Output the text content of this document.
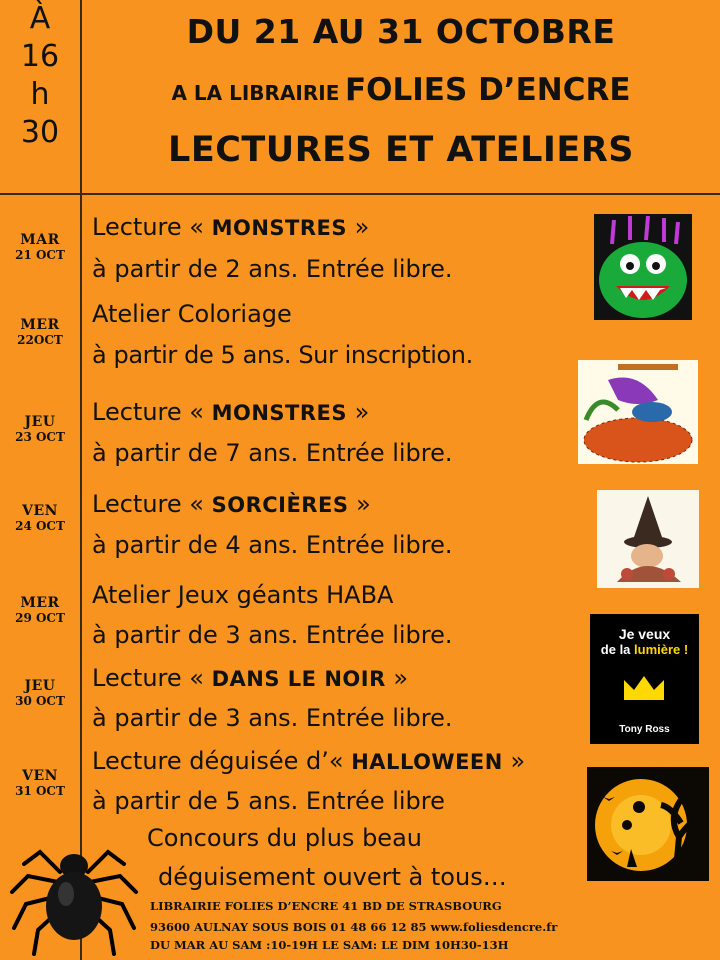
À
16
h
30
DU 21 AU 31 OCTOBRE
A LA LIBRAIRIE FOLIES D’ENCRE
LECTURES ET ATELIERS
MAR
21 OCT
MER
22OCT
JEU
23 OCT
VEN
24 OCT
MER
29 OCT
JEU
30 OCT
VEN
31 OCT
Lecture « MONSTRES »
à partir de 2 ans. Entrée libre.
Atelier Coloriage
à partir de 5 ans. Sur inscription.
Lecture « MONSTRES »
à partir de 7 ans. Entrée libre.
Lecture « SORCIÈRES »
à partir de 4 ans. Entrée libre.
Atelier Jeux géants HABA
à partir de 3 ans. Entrée libre.
Lecture « DANS LE NOIR »
à partir de 3 ans. Entrée libre.
Lecture déguisée d’« HALLOWEEN »
à partir de 5 ans. Entrée libre
Concours du plus beau
déguisement ouvert à tous…
Je veux
de la lumière !
Tony Ross
LIBRAIRIE FOLIES D’ENCRE 41 BD DE STRASBOURG
93600 AULNAY SOUS BOIS 01 48 66 12 85 www.foliesdencre.fr
DU MAR AU SAM :10-19H LE SAM: LE DIM 10H30-13H
